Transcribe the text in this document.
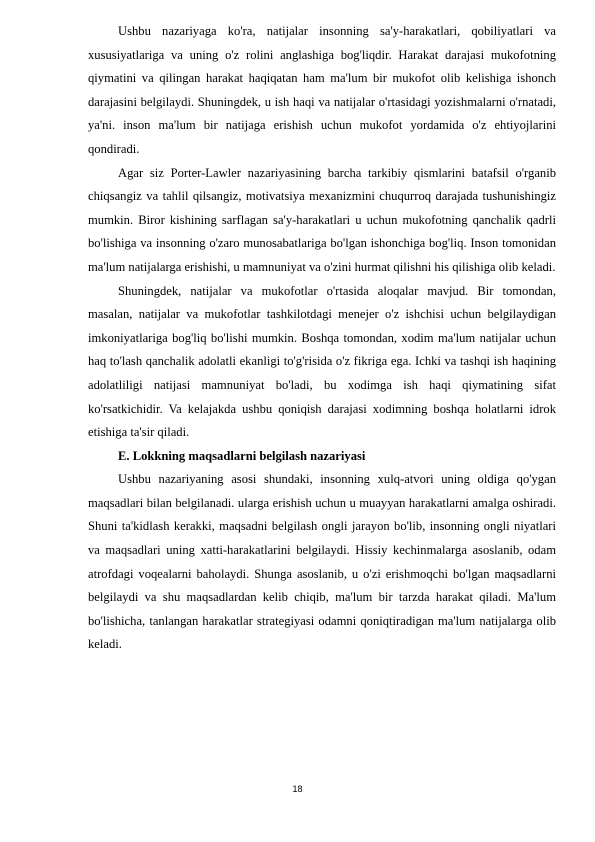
Ushbu nazariyaga ko'ra, natijalar insonning sa'y-harakatlari, qobiliyatlari va xususiyatlariga va uning o'z rolini anglashiga bog'liqdir. Harakat darajasi mukofotning qiymatini va qilingan harakat haqiqatan ham ma'lum bir mukofot olib kelishiga ishonch darajasini belgilaydi. Shuningdek, u ish haqi va natijalar o'rtasidagi yozishmalarni o'rnatadi, ya'ni. inson ma'lum bir natijaga erishish uchun mukofot yordamida o'z ehtiyojlarini qondiradi.

Agar siz Porter-Lawler nazariyasining barcha tarkibiy qismlarini batafsil o'rganib chiqsangiz va tahlil qilsangiz, motivatsiya mexanizmini chuqurroq darajada tushunishingiz mumkin. Biror kishining sarflagan sa'y-harakatlari u uchun mukofotning qanchalik qadrli bo'lishiga va insonning o'zaro munosabatlariga bo'lgan ishonchiga bog'liq. Inson tomonidan ma'lum natijalarga erishishi, u mamnuniyat va o'zini hurmat qilishni his qilishiga olib keladi.

Shuningdek, natijalar va mukofotlar o'rtasida aloqalar mavjud. Bir tomondan, masalan, natijalar va mukofotlar tashkilotdagi menejer o'z ishchisi uchun belgilaydigan imkoniyatlariga bog'liq bo'lishi mumkin. Boshqa tomondan, xodim ma'lum natijalar uchun haq to'lash qanchalik adolatli ekanligi to'g'risida o'z fikriga ega. Ichki va tashqi ish haqining adolatliligi natijasi mamnuniyat bo'ladi, bu xodimga ish haqi qiymatining sifat ko'rsatkichidir. Va kelajakda ushbu qoniqish darajasi xodimning boshqa holatlarni idrok etishiga ta'sir qiladi.

E. Lokkning maqsadlarni belgilash nazariyasi

Ushbu nazariyaning asosi shundaki, insonning xulq-atvori uning oldiga qo'ygan maqsadlari bilan belgilanadi. ularga erishish uchun u muayyan harakatlarni amalga oshiradi. Shuni ta'kidlash kerakki, maqsadni belgilash ongli jarayon bo'lib, insonning ongli niyatlari va maqsadlari uning xatti-harakatlarini belgilaydi. Hissiy kechinmalarga asoslanib, odam atrofdagi voqealarni baholaydi. Shunga asoslanib, u o'zi erishmoqchi bo'lgan maqsadlarni belgilaydi va shu maqsadlardan kelib chiqib, ma'lum bir tarzda harakat qiladi. Ma'lum bo'lishicha, tanlangan harakatlar strategiyasi odamni qoniqtiradigan ma'lum natijalarga olib keladi.

18
